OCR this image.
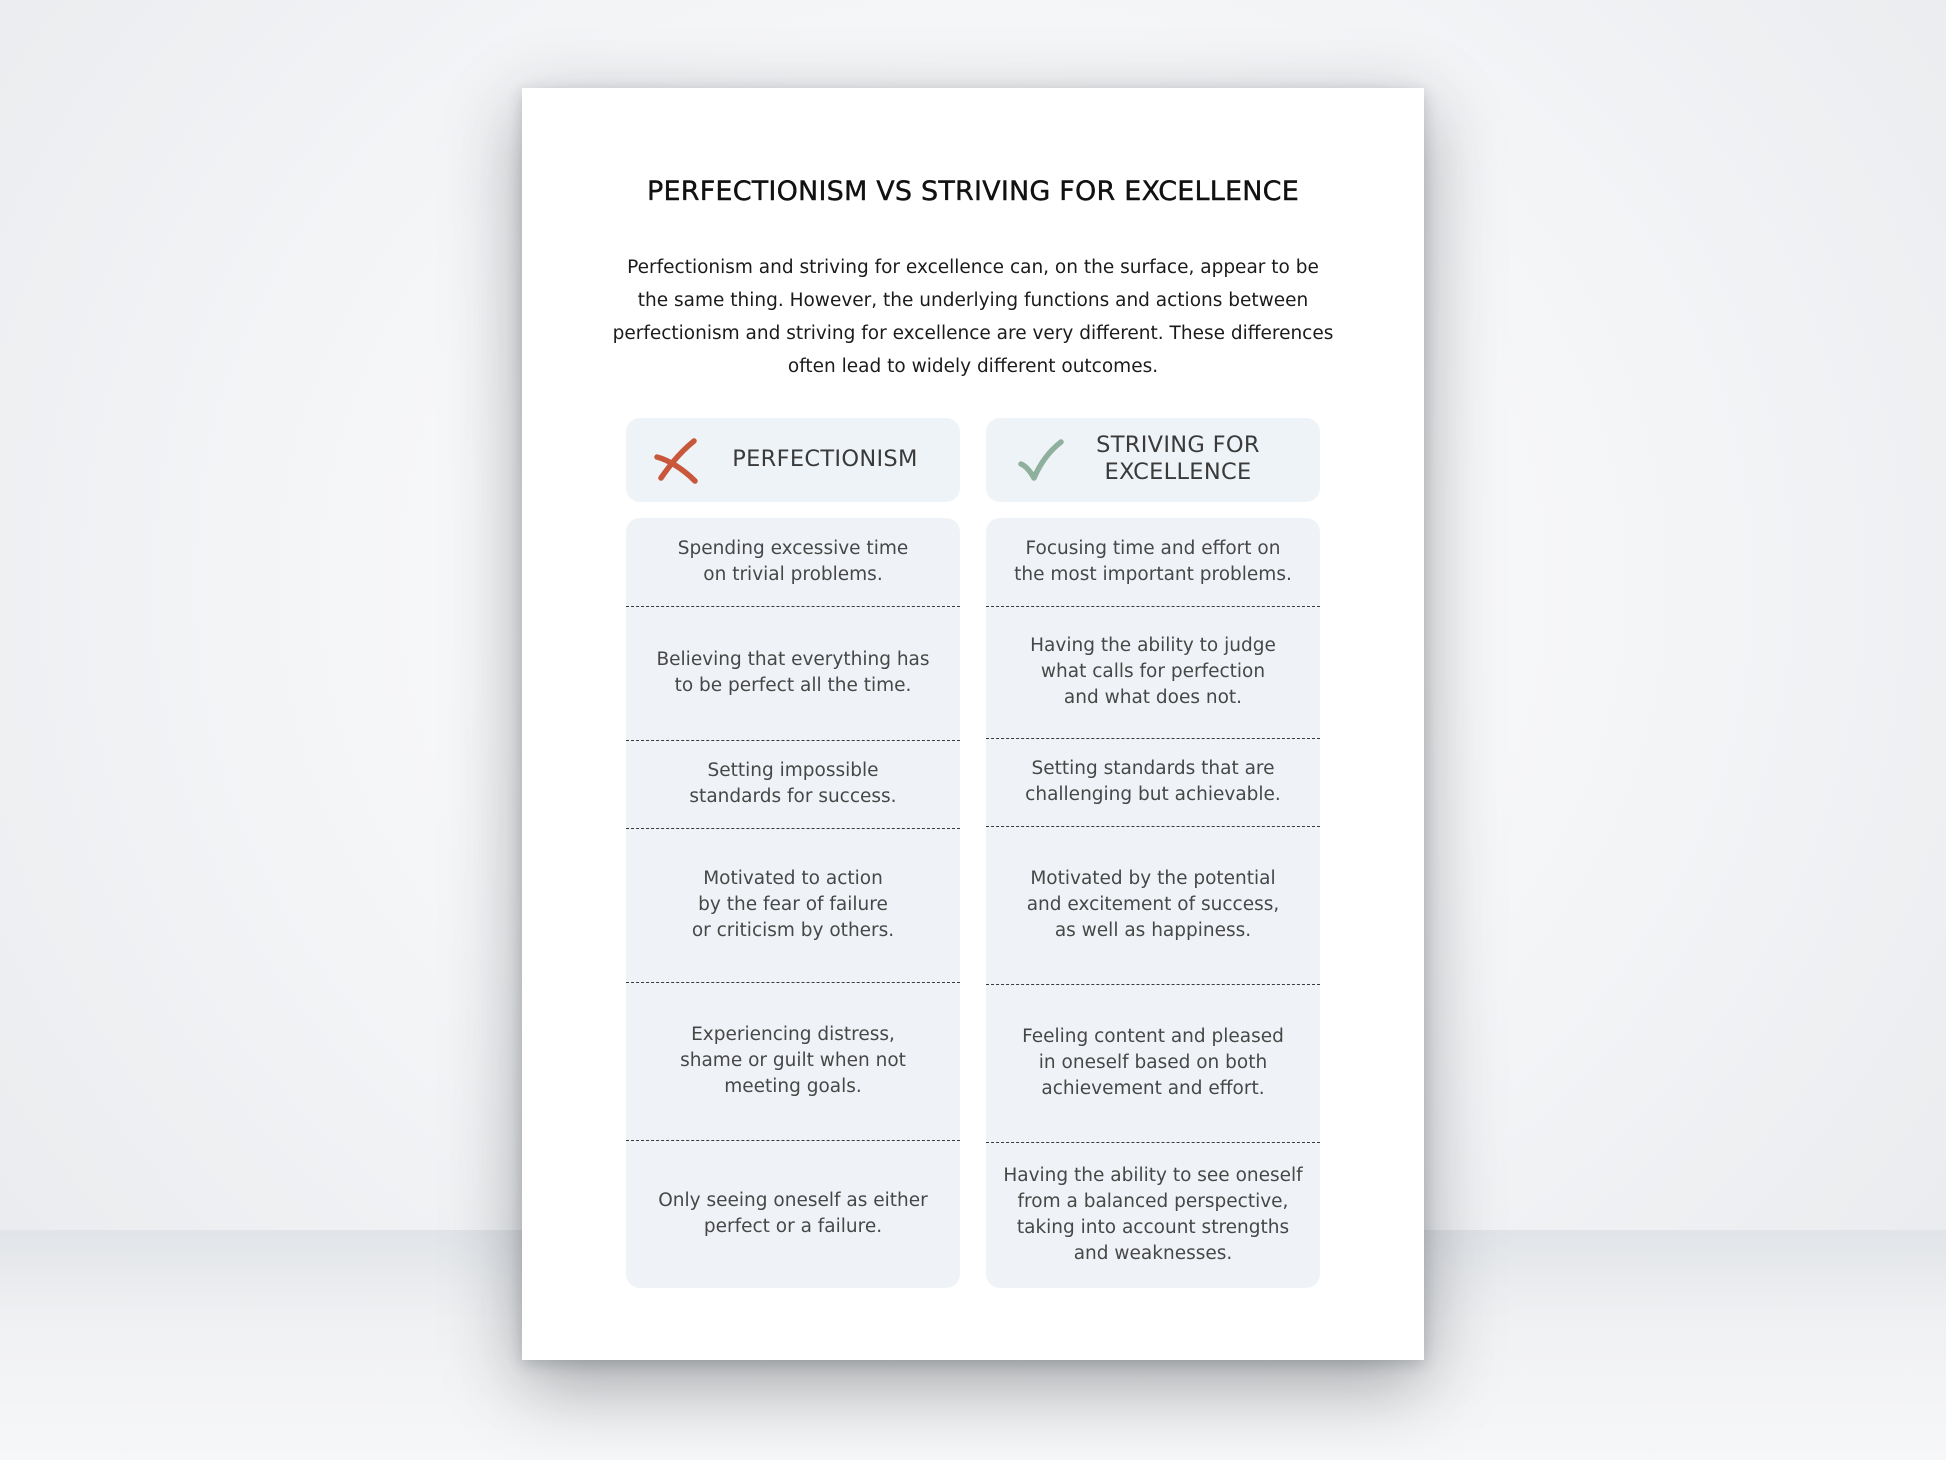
PERFECTIONISM VS STRIVING FOR EXCELLENCE

Perfectionism and striving for excellence can, on the surface, appear to be the same thing. However, the underlying functions and actions between perfectionism and striving for excellence are very different. These differences often lead to widely different outcomes.

PERFECTIONISM
Spending excessive time
on trivial problems.
Believing that everything has
to be perfect all the time.
Setting impossible
standards for success.
Motivated to action
by the fear of failure
or criticism by others.
Experiencing distress,
shame or guilt when not
meeting goals.
Only seeing oneself as either
perfect or a failure.
STRIVING FOR
EXCELLENCE
Focusing time and effort on
the most important problems.
Having the ability to judge
what calls for perfection
and what does not.
Setting standards that are
challenging but achievable.
Motivated by the potential
and excitement of success,
as well as happiness.
Feeling content and pleased
in oneself based on both
achievement and effort.
Having the ability to see oneself
from a balanced perspective,
taking into account strengths
and weaknesses.
